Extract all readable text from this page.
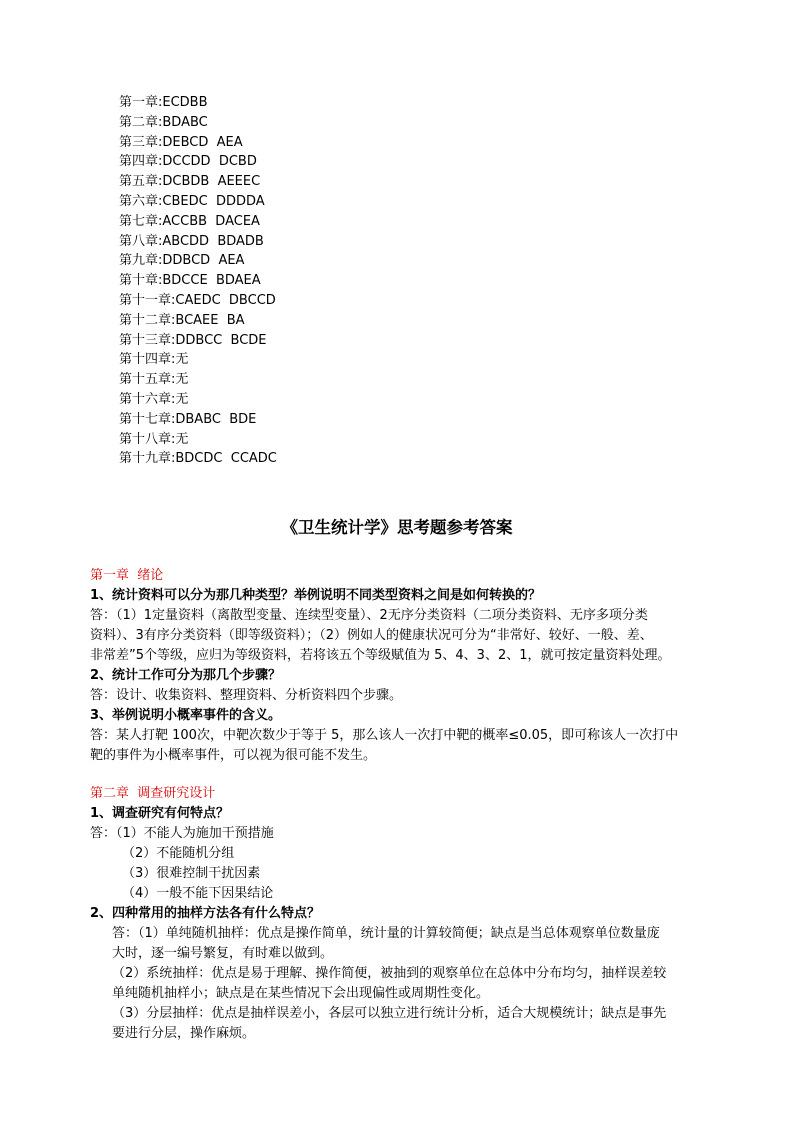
第一章:ECDBB
第二章:BDABC
第三章:DEBCD  AEA
第四章:DCCDD  DCBD
第五章:DCBDB  AEEEC
第六章:CBEDC  DDDDA
第七章:ACCBB  DACEA
第八章:ABCDD  BDADB
第九章:DDBCD  AEA
第十章:BDCCE  BDAEA
第十一章:CAEDC  DBCCD
第十二章:BCAEE  BA
第十三章:DDBCC  BCDE
第十四章:无
第十五章:无
第十六章:无
第十七章:DBABC  BDE
第十八章:无
第十九章:BDCDC  CCADC
《卫生统计学》思考题参考答案
第一章  绪论
1、统计资料可以分为那几种类型？举例说明不同类型资料之间是如何转换的？
答：（1）1定量资料（离散型变量、连续型变量）、2无序分类资料（二项分类资料、无序多项分类
资料）、3有序分类资料（即等级资料）；（2）例如人的健康状况可分为“非常好、较好、一般、差、
非常差”5个等级，应归为等级资料，若将该五个等级赋值为 5、4、3、2、1，就可按定量资料处理。
2、统计工作可分为那几个步骤？
答：设计、收集资料、整理资料、分析资料四个步骤。
3、举例说明小概率事件的含义。
答：某人打靶 100次，中靶次数少于等于 5，那么该人一次打中靶的概率≤0.05，即可称该人一次打中
靶的事件为小概率事件，可以视为很可能不发生。
第二章  调查研究设计
1、调查研究有何特点？
答：（1）不能人为施加干预措施
（2）不能随机分组
（3）很难控制干扰因素
（4）一般不能下因果结论
2、四种常用的抽样方法各有什么特点？
答：（1）单纯随机抽样：优点是操作简单，统计量的计算较简便；缺点是当总体观察单位数量庞
大时，逐一编号繁复，有时难以做到。
（2）系统抽样：优点是易于理解、操作简便，被抽到的观察单位在总体中分布均匀，抽样误差较
单纯随机抽样小；缺点是在某些情况下会出现偏性或周期性变化。
（3）分层抽样：优点是抽样误差小，各层可以独立进行统计分析，适合大规模统计；缺点是事先
要进行分层，操作麻烦。
